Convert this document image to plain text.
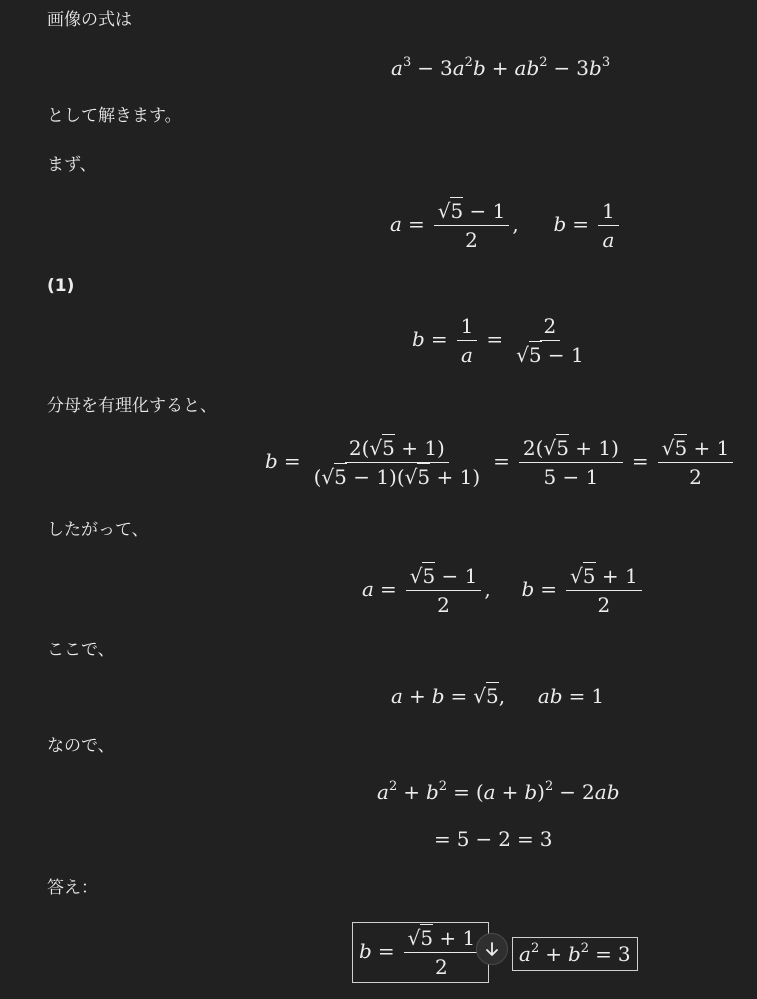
画像の式は
として解きます。
まず、
(1)
分母を有理化すると、
したがって、
ここで、
なので、
答え：
$a^3 - 3a^2b + ab^2 - 3b^3$
$a = \frac{√5 - 1}{2}$ ,  $b = \frac{1}{a}$
$b = \frac{1}{a} = \frac{2}{√5 - 1}$
$b = \frac{2(√5 + 1)}{(√5 - 1)(√5 + 1)} = \frac{2(√5 + 1)}{5 - 1} = \frac{√5 + 1}{2}$
$a = \frac{√5 - 1}{2}$ ,  $b = \frac{√5 + 1}{2}$
a + b = √5,  ab = 1
$a^2 + b^2 = (a + b)^2 - 2ab$
= 5 − 2 = 3
$b = \frac{√5 + 1}{2}$	$a^2 + b^2 = 3$
